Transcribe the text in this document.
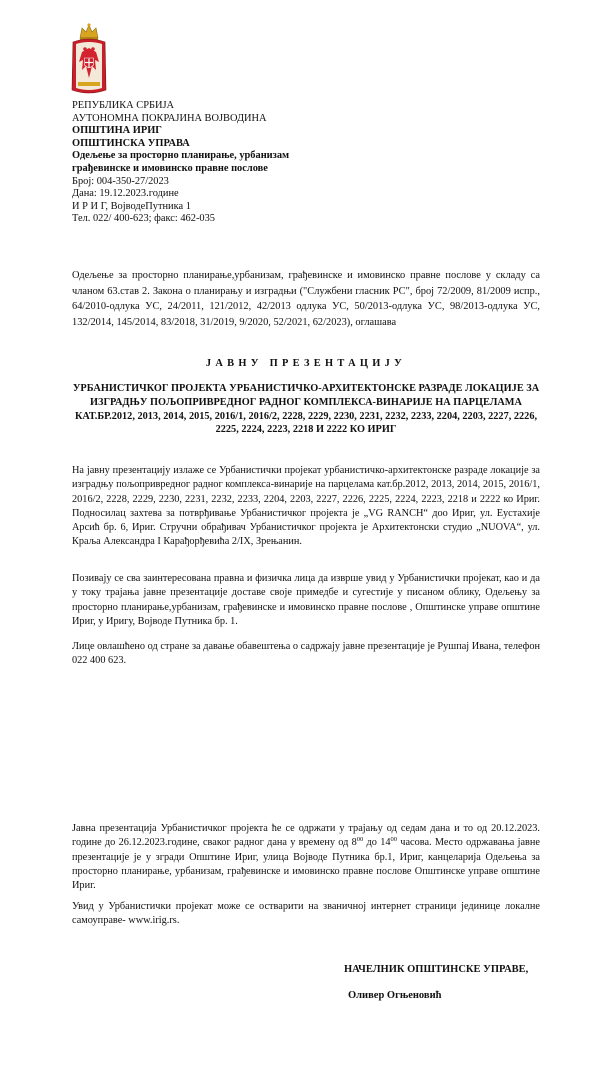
РЕПУБЛИКА СРБИЈА
АУТОНОМНА ПОКРАЈИНА ВОЈВОДИНА
ОПШТИНА ИРИГ
ОПШТИНСКА УПРАВА
Одељење за просторно планирање, урбанизам
грађевинске и имовинско правне послове
Број: 004-350-27/2023
Дана: 19.12.2023.године
И Р И Г, ВојводеПутника 1
Тел. 022/ 400-623; факс: 462-035
Одељење за просторно планирање,урбанизам, грађевинске и имовинско правне послове у складу са чланом 63.став 2. Закона о планирању и изградњи ("Службени гласник РС", број 72/2009, 81/2009 испр., 64/2010-одлука УС, 24/2011, 121/2012, 42/2013 одлука УС, 50/2013-одлука УС, 98/2013-одлука УС, 132/2014, 145/2014, 83/2018, 31/2019, 9/2020, 52/2021, 62/2023), оглашава
ЈАВНУ ПРЕЗЕНТАЦИЈУ
УРБАНИСТИЧКОГ ПРОЈЕКТА УРБАНИСТИЧКО-АРХИТЕКТОНСКЕ РАЗРАДЕ ЛОКАЦИЈЕ ЗА ИЗГРАДЊУ ПОЉОПРИВРЕДНОГ РАДНОГ КОМПЛЕКСА-ВИНАРИЈЕ НА ПАРЦЕЛАМА КАТ.БР.2012, 2013, 2014, 2015, 2016/1, 2016/2, 2228, 2229, 2230, 2231, 2232, 2233, 2204, 2203, 2227, 2226, 2225, 2224, 2223, 2218 И 2222 КО ИРИГ
На јавну презентацију излаже се Урбанистички пројекат урбанистичко-архитектонске разраде локације за изградњу пољопривредног радног комплекса-винарије на парцелама кат.бр.2012, 2013, 2014, 2015, 2016/1, 2016/2, 2228, 2229, 2230, 2231, 2232, 2233, 2204, 2203, 2227, 2226, 2225, 2224, 2223, 2218 и 2222 ко Ириг. Подносилац захтева за потврђивање Урбанистичког пројекта је „VG RANCH“ доо Ириг, ул. Еустахије Арсић бр. 6, Ириг. Стручни обрађивач Урбанистичког пројекта је Архитектонски студио „NUOVA“, ул. Краља Александра I Карађорђевића 2/IX, Зрењанин.
Позивају се сва заинтересована правна и физичка лица да изврше увид у Урбанистички пројекат, као и да у току трајања јавне презентације доставе своје примедбе и сугестије у писаном облику, Одељењу за просторно планирање,урбанизам, грађевинске и имовинско правне послове , Општинске управе општине Ириг, у Иригу, Војводе Путника бр. 1.
Лице овлашћено од стране за давање обавештења о садржају јавне презентације је Рушпај Ивана, телефон 022 400 623.
Јавна презентација Урбанистичког пројекта ће се одржати у трајању од седам дана и то од 20.12.2023. године до 26.12.2023.године, сваког радног дана у времену од $8^{00}$ до $14^{00}$ часова. Место одржавања јавне презентације је у згради Општине Ириг, улица Војводе Путника бр.1, Ириг, канцеларија Одељења за просторно планирање, урбанизам, грађевинске и имовинско правне послове Општинске управе општине Ириг.
Увид у Урбанистички пројекат може се остварити на званичној интернет страници јединице локалне самоуправе- www.irig.rs.
НАЧЕЛНИК ОПШТИНСКЕ УПРАВЕ,
Оливер Огњеновић
